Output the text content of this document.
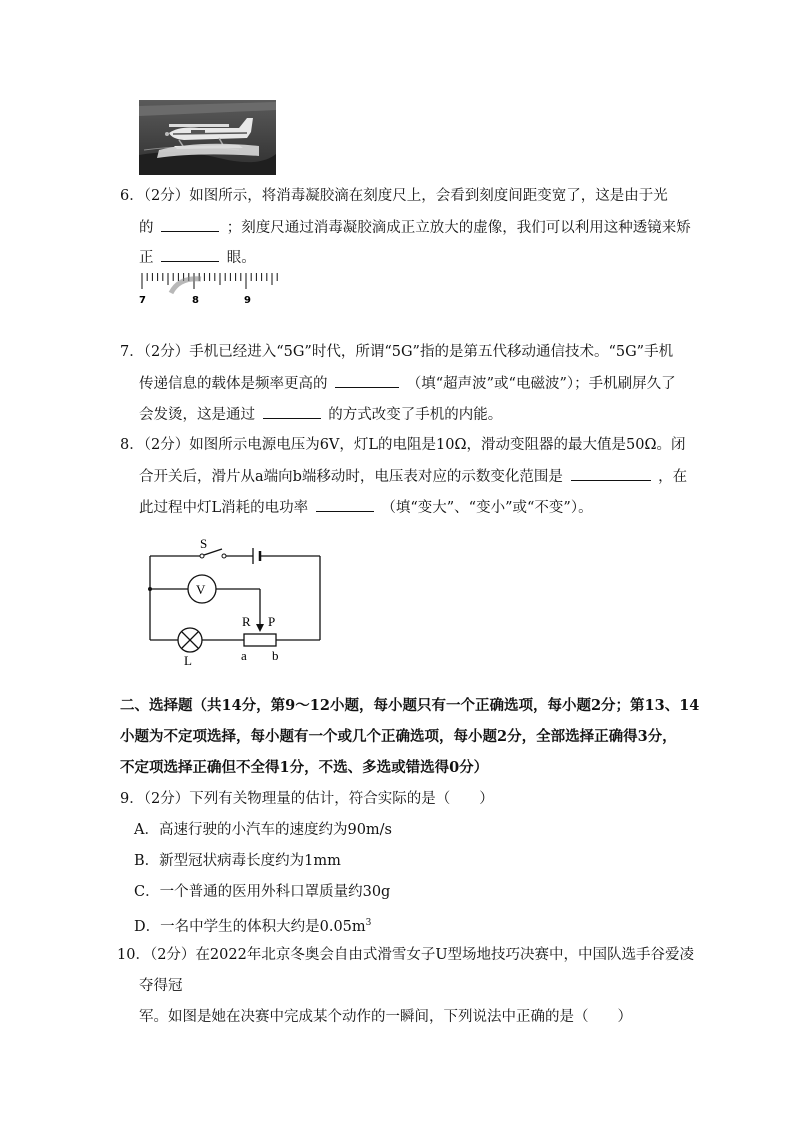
6．（2分）如图所示，将消毒凝胶滴在刻度尺上，会看到刻度间距变宽了，这是由于光
的	；刻度尺通过消毒凝胶滴成正立放大的虚像，我们可以利用这种透镜来矫
正	眼。
7	8	9
7．（2分）手机已经进入“5G”时代，所谓“5G”指的是第五代移动通信技术。“5G”手机
传递信息的载体是频率更高的	（填“超声波”或“电磁波”）；手机刷屏久了
会发烫，这是通过	的方式改变了手机的内能。
8．（2分）如图所示电源电压为6V，灯L的电阻是10Ω，滑动变阻器的最大值是50Ω。闭
合开关后，滑片从a端向b端移动时，电压表对应的示数变化范围是	，在
此过程中灯L消耗的电功率	（填“变大”、“变小”或“不变”）。
S
V
L
R P
a b
二、选择题（共14分，第9～12小题，每小题只有一个正确选项，每小题2分；第13、14
小题为不定项选择，每小题有一个或几个正确选项，每小题2分，全部选择正确得3分，
不定项选择正确但不全得1分，不选、多选或错选得0分）
9．（2分）下列有关物理量的估计，符合实际的是（　　）
A．高速行驶的小汽车的速度约为90m/s
B．新型冠状病毒长度约为1mm
C．一个普通的医用外科口罩质量约30g
D．一名中学生的体积大约是$0.05m^3$
10．（2分）在2022年北京冬奥会自由式滑雪女子U型场地技巧决赛中，中国队选手谷爱凌
夺得冠
军。如图是她在决赛中完成某个动作的一瞬间，下列说法中正确的是（　　）
